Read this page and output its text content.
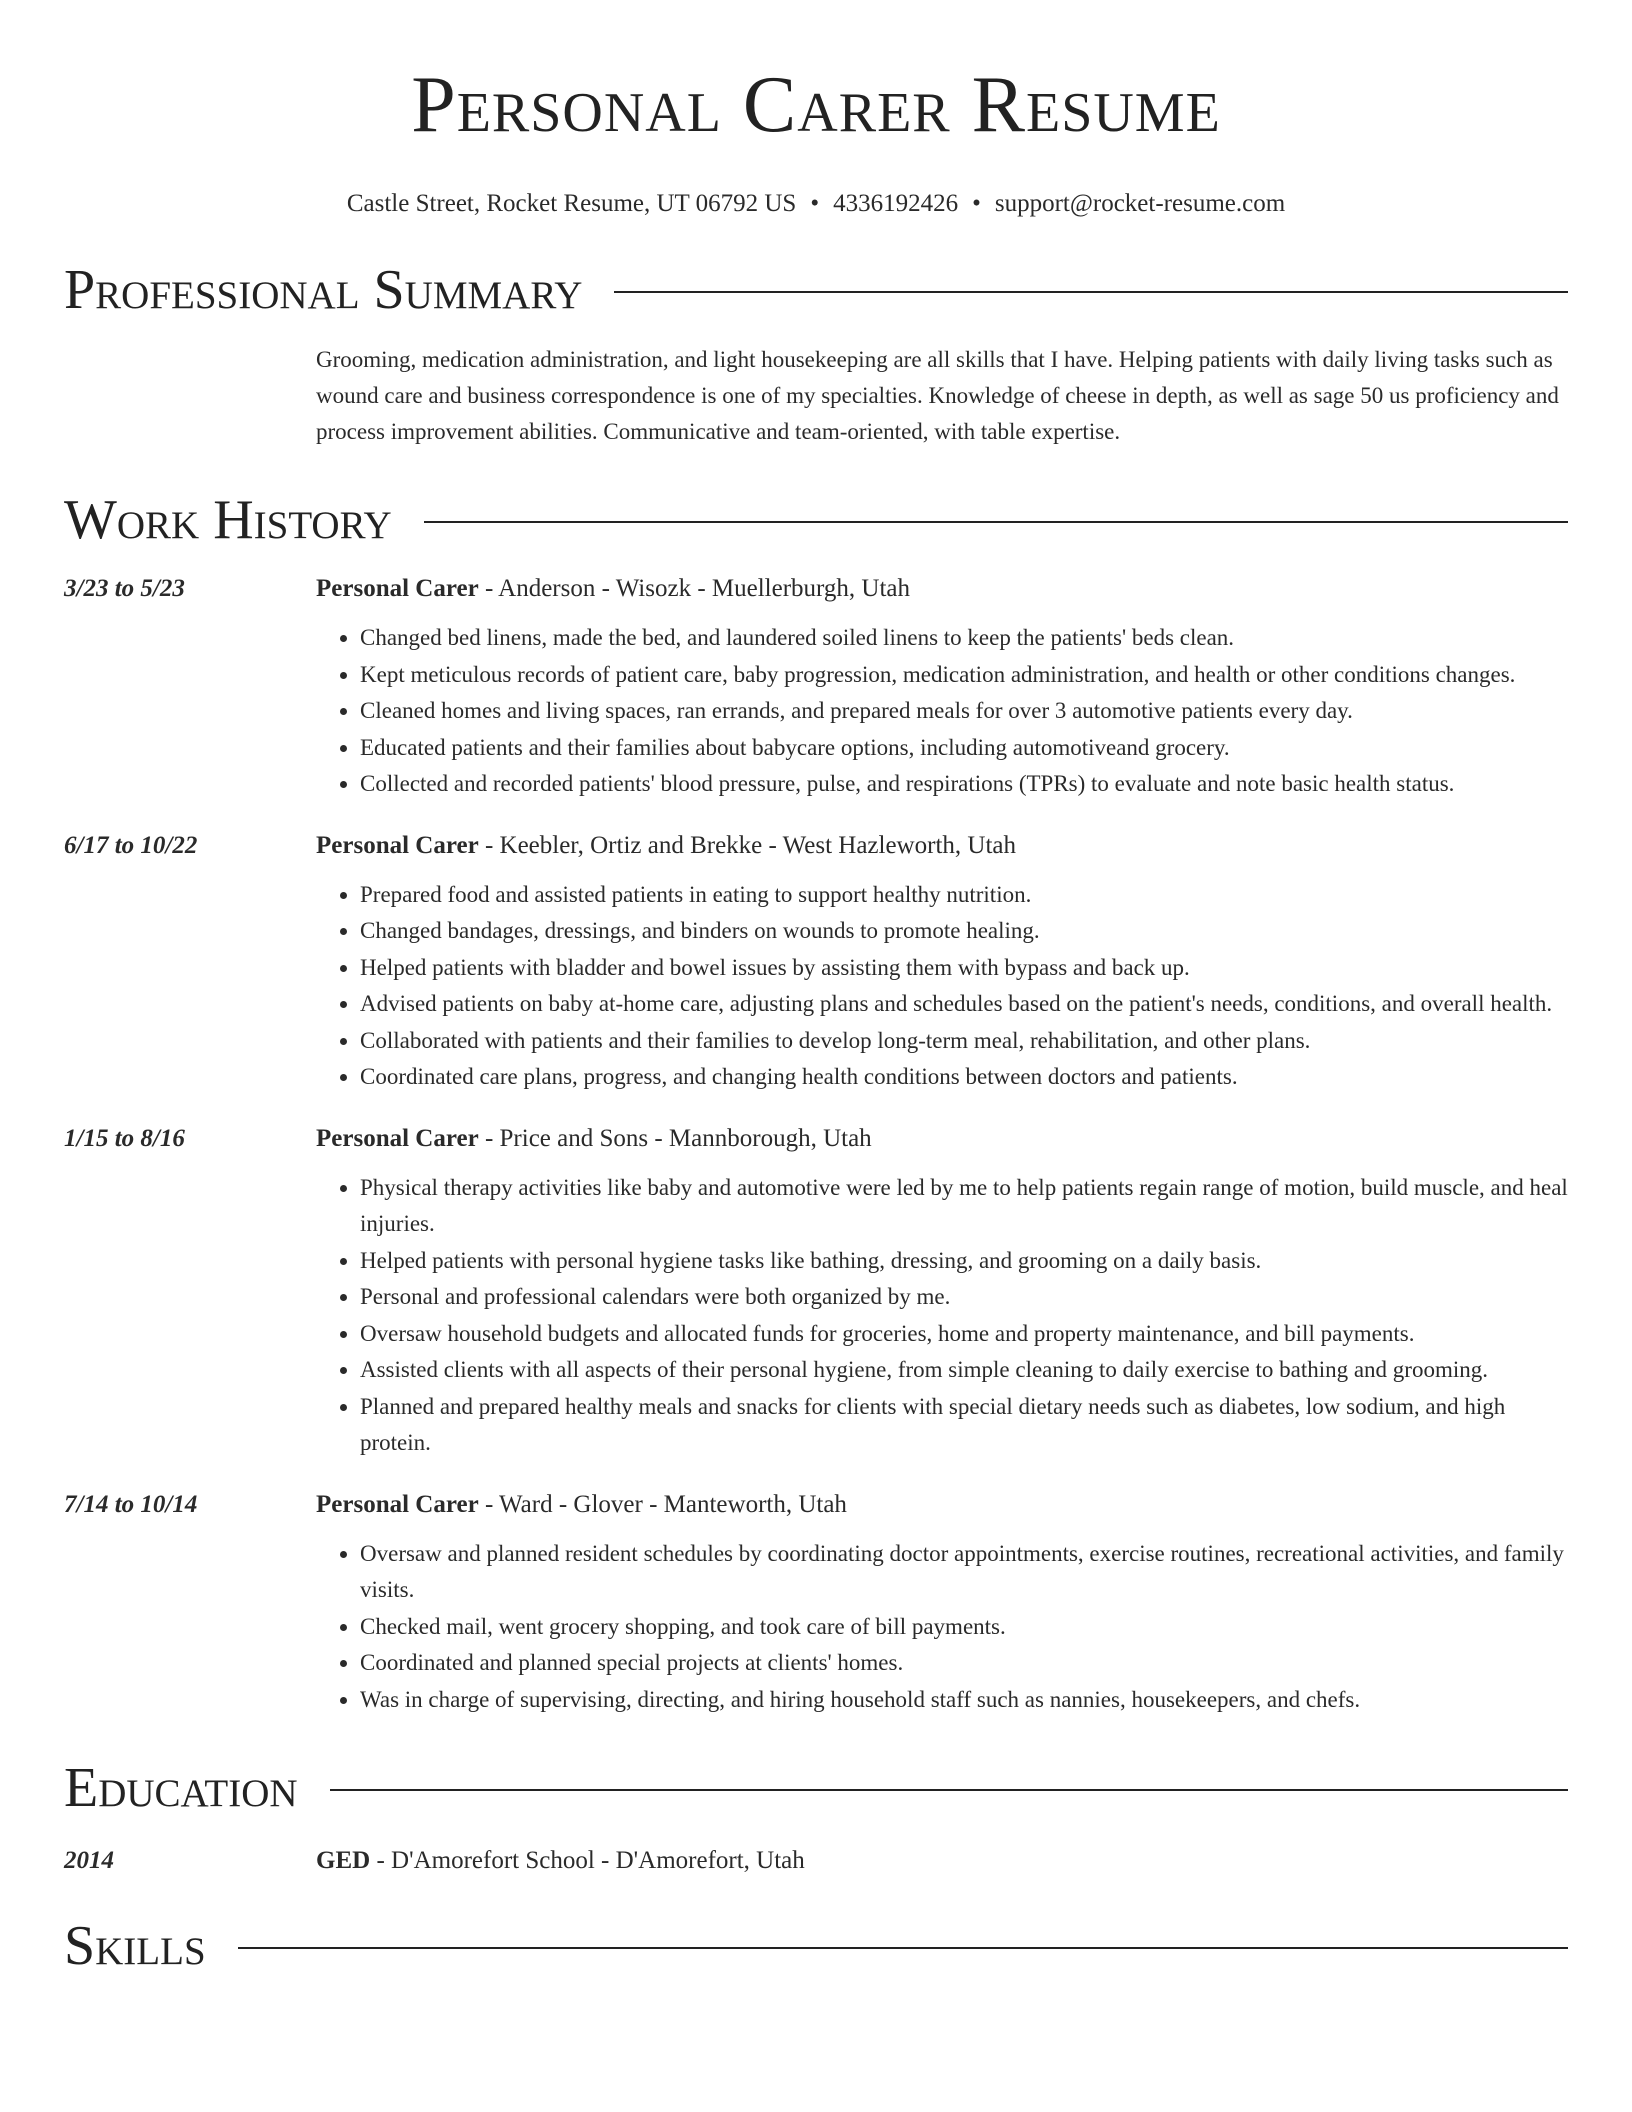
Personal Carer Resume
Castle Street, Rocket Resume, UT 06792 US • 4336192426 • support@rocket-resume.com
Professional Summary
Grooming, medication administration, and light housekeeping are all skills that I have. Helping patients with daily living tasks such as wound care and business correspondence is one of my specialties. Knowledge of cheese in depth, as well as sage 50 us proficiency and process improvement abilities. Communicative and team-oriented, with table expertise.
Work History
3/23 to 5/23	Personal Carer - Anderson - Wisozk - Muellerburgh, Utah
• Changed bed linens, made the bed, and laundered soiled linens to keep the patients' beds clean.
• Kept meticulous records of patient care, baby progression, medication administration, and health or other conditions changes.
• Cleaned homes and living spaces, ran errands, and prepared meals for over 3 automotive patients every day.
• Educated patients and their families about babycare options, including automotiveand grocery.
• Collected and recorded patients' blood pressure, pulse, and respirations (TPRs) to evaluate and note basic health status.
6/17 to 10/22	Personal Carer - Keebler, Ortiz and Brekke - West Hazleworth, Utah
• Prepared food and assisted patients in eating to support healthy nutrition.
• Changed bandages, dressings, and binders on wounds to promote healing.
• Helped patients with bladder and bowel issues by assisting them with bypass and back up.
• Advised patients on baby at-home care, adjusting plans and schedules based on the patient's needs, conditions, and overall health.
• Collaborated with patients and their families to develop long-term meal, rehabilitation, and other plans.
• Coordinated care plans, progress, and changing health conditions between doctors and patients.
1/15 to 8/16	Personal Carer - Price and Sons - Mannborough, Utah
• Physical therapy activities like baby and automotive were led by me to help patients regain range of motion, build muscle, and heal injuries.
• Helped patients with personal hygiene tasks like bathing, dressing, and grooming on a daily basis.
• Personal and professional calendars were both organized by me.
• Oversaw household budgets and allocated funds for groceries, home and property maintenance, and bill payments.
• Assisted clients with all aspects of their personal hygiene, from simple cleaning to daily exercise to bathing and grooming.
• Planned and prepared healthy meals and snacks for clients with special dietary needs such as diabetes, low sodium, and high protein.
7/14 to 10/14	Personal Carer - Ward - Glover - Manteworth, Utah
• Oversaw and planned resident schedules by coordinating doctor appointments, exercise routines, recreational activities, and family visits.
• Checked mail, went grocery shopping, and took care of bill payments.
• Coordinated and planned special projects at clients' homes.
• Was in charge of supervising, directing, and hiring household staff such as nannies, housekeepers, and chefs.
Education
2014	GED - D'Amorefort School - D'Amorefort, Utah
Skills
